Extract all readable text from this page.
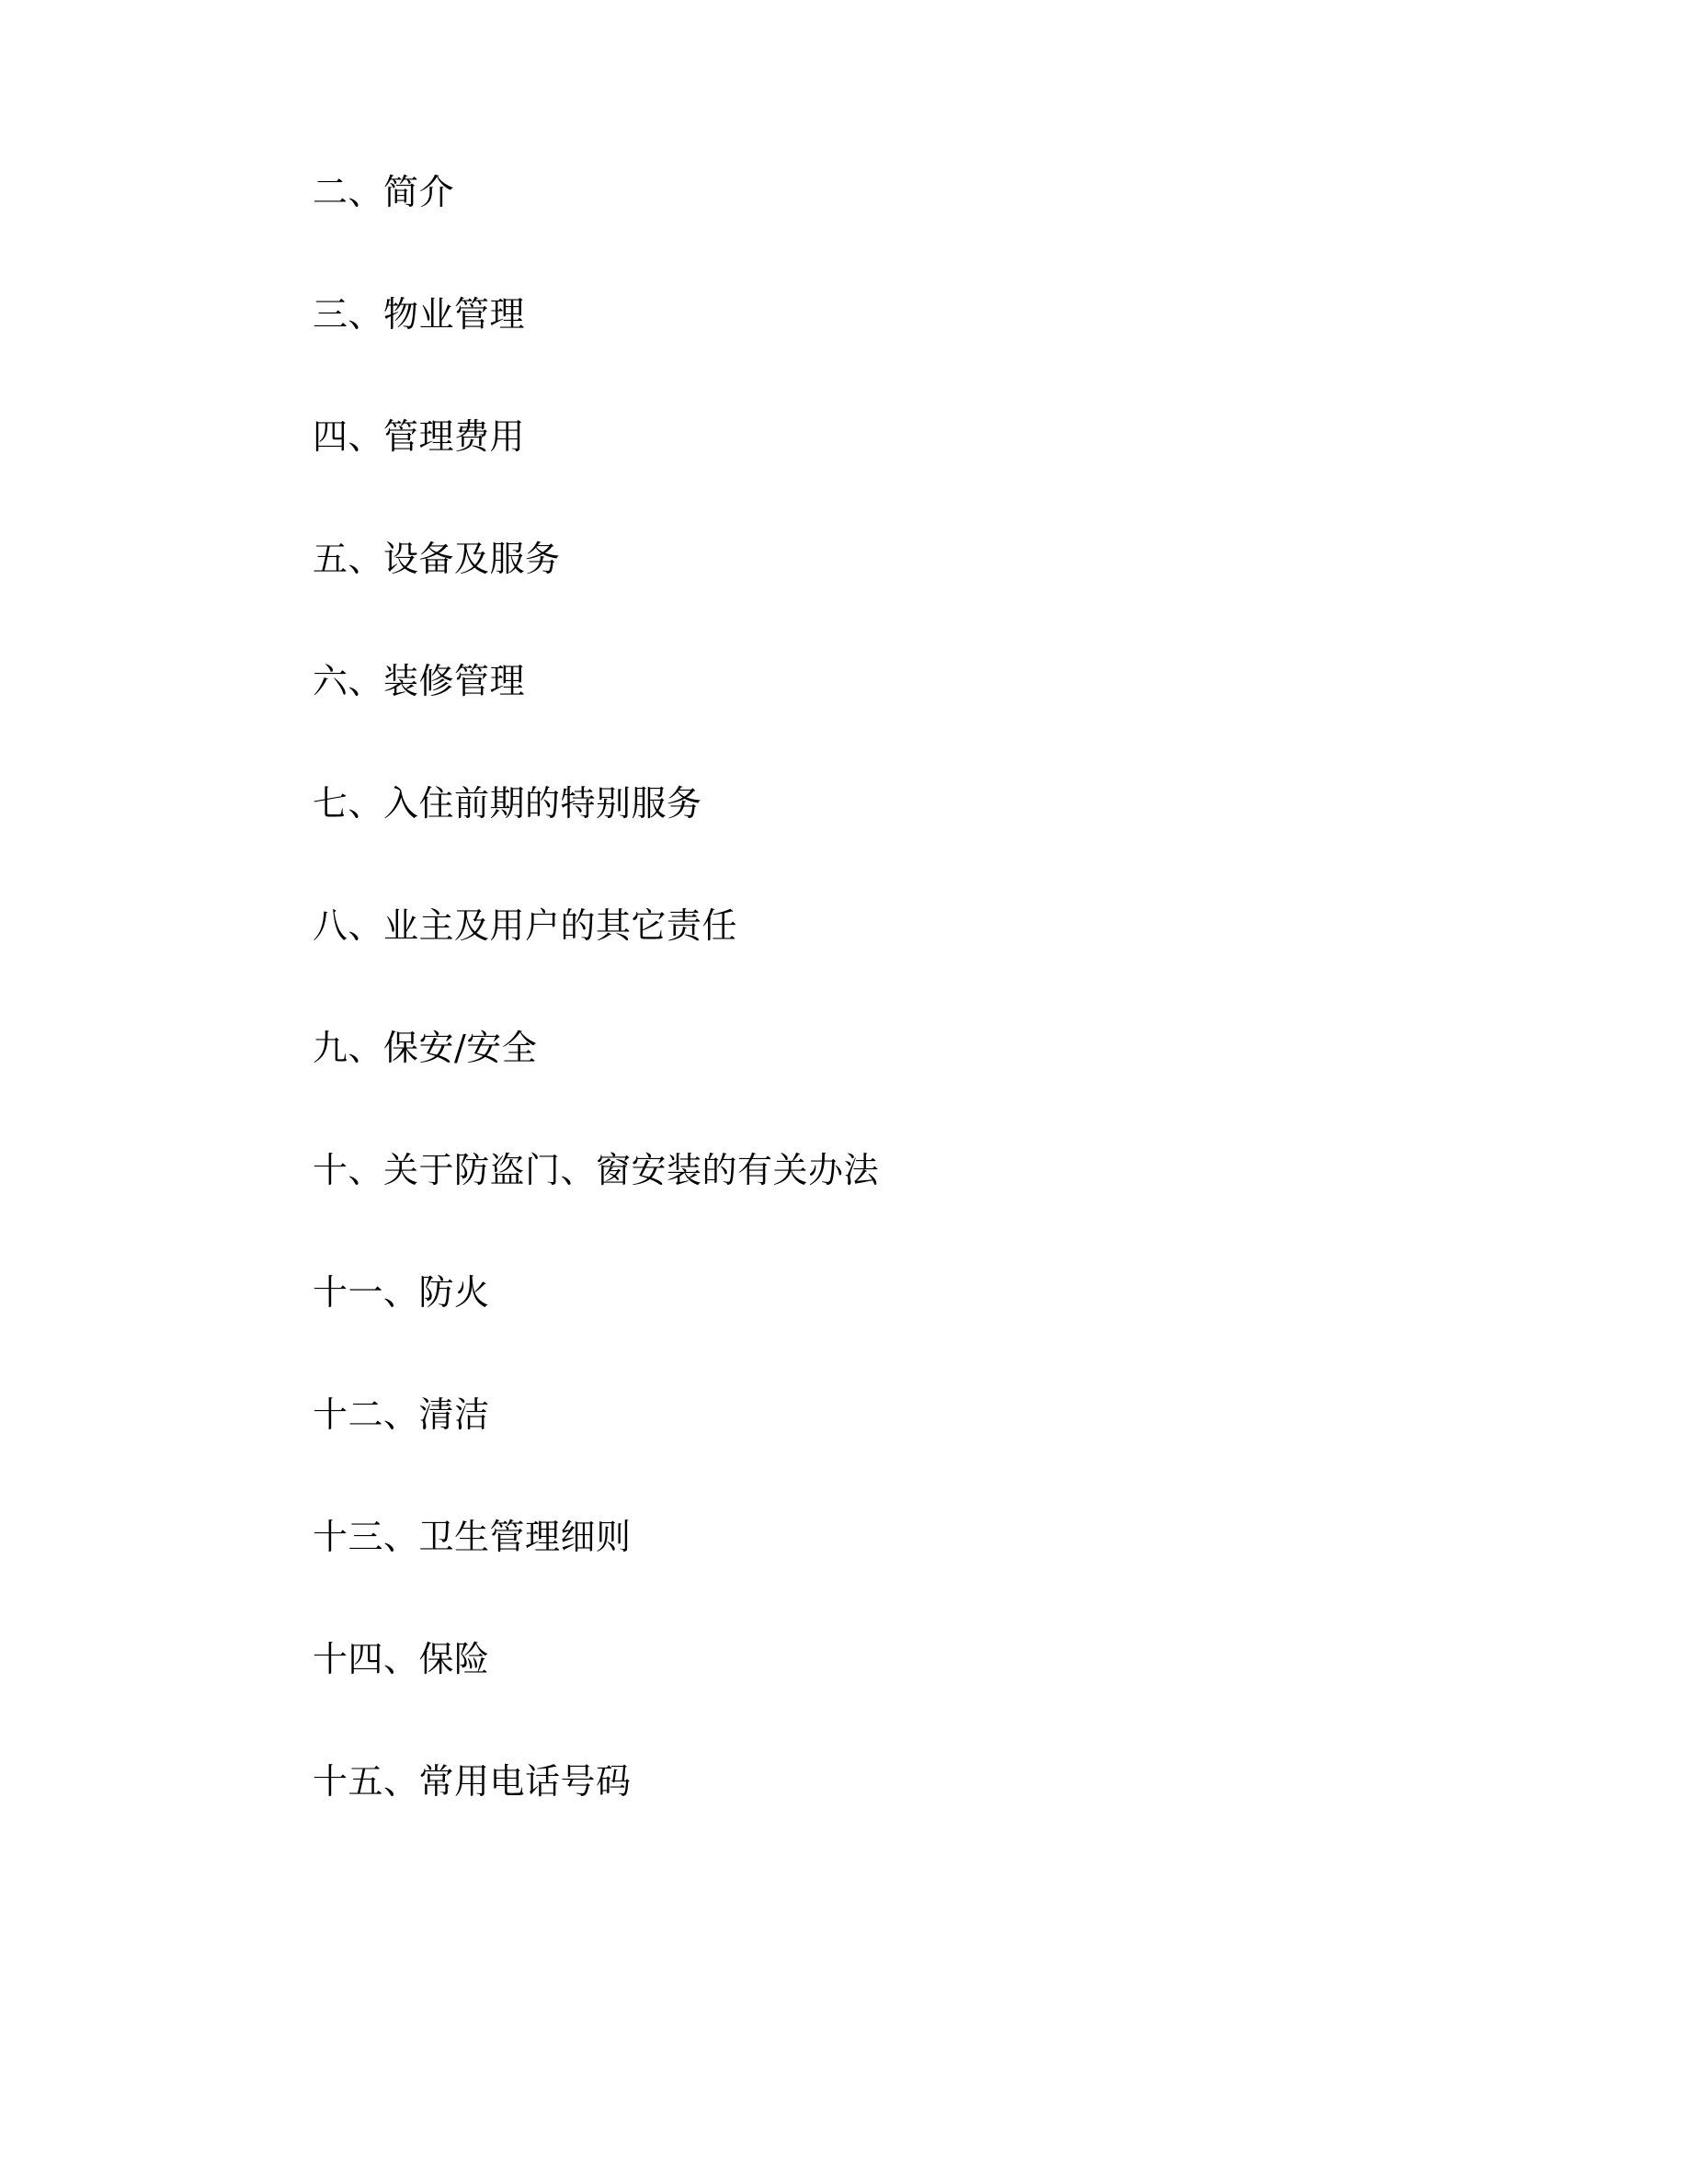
二、简介

三、物业管理

四、管理费用

五、设备及服务

六、装修管理

七、入住前期的特别服务

八、业主及用户的其它责任

九、保安/安全

十、关于防盗门、窗安装的有关办法

十一、防火

十二、清洁

十三、卫生管理细则

十四、保险

十五、常用电话号码
